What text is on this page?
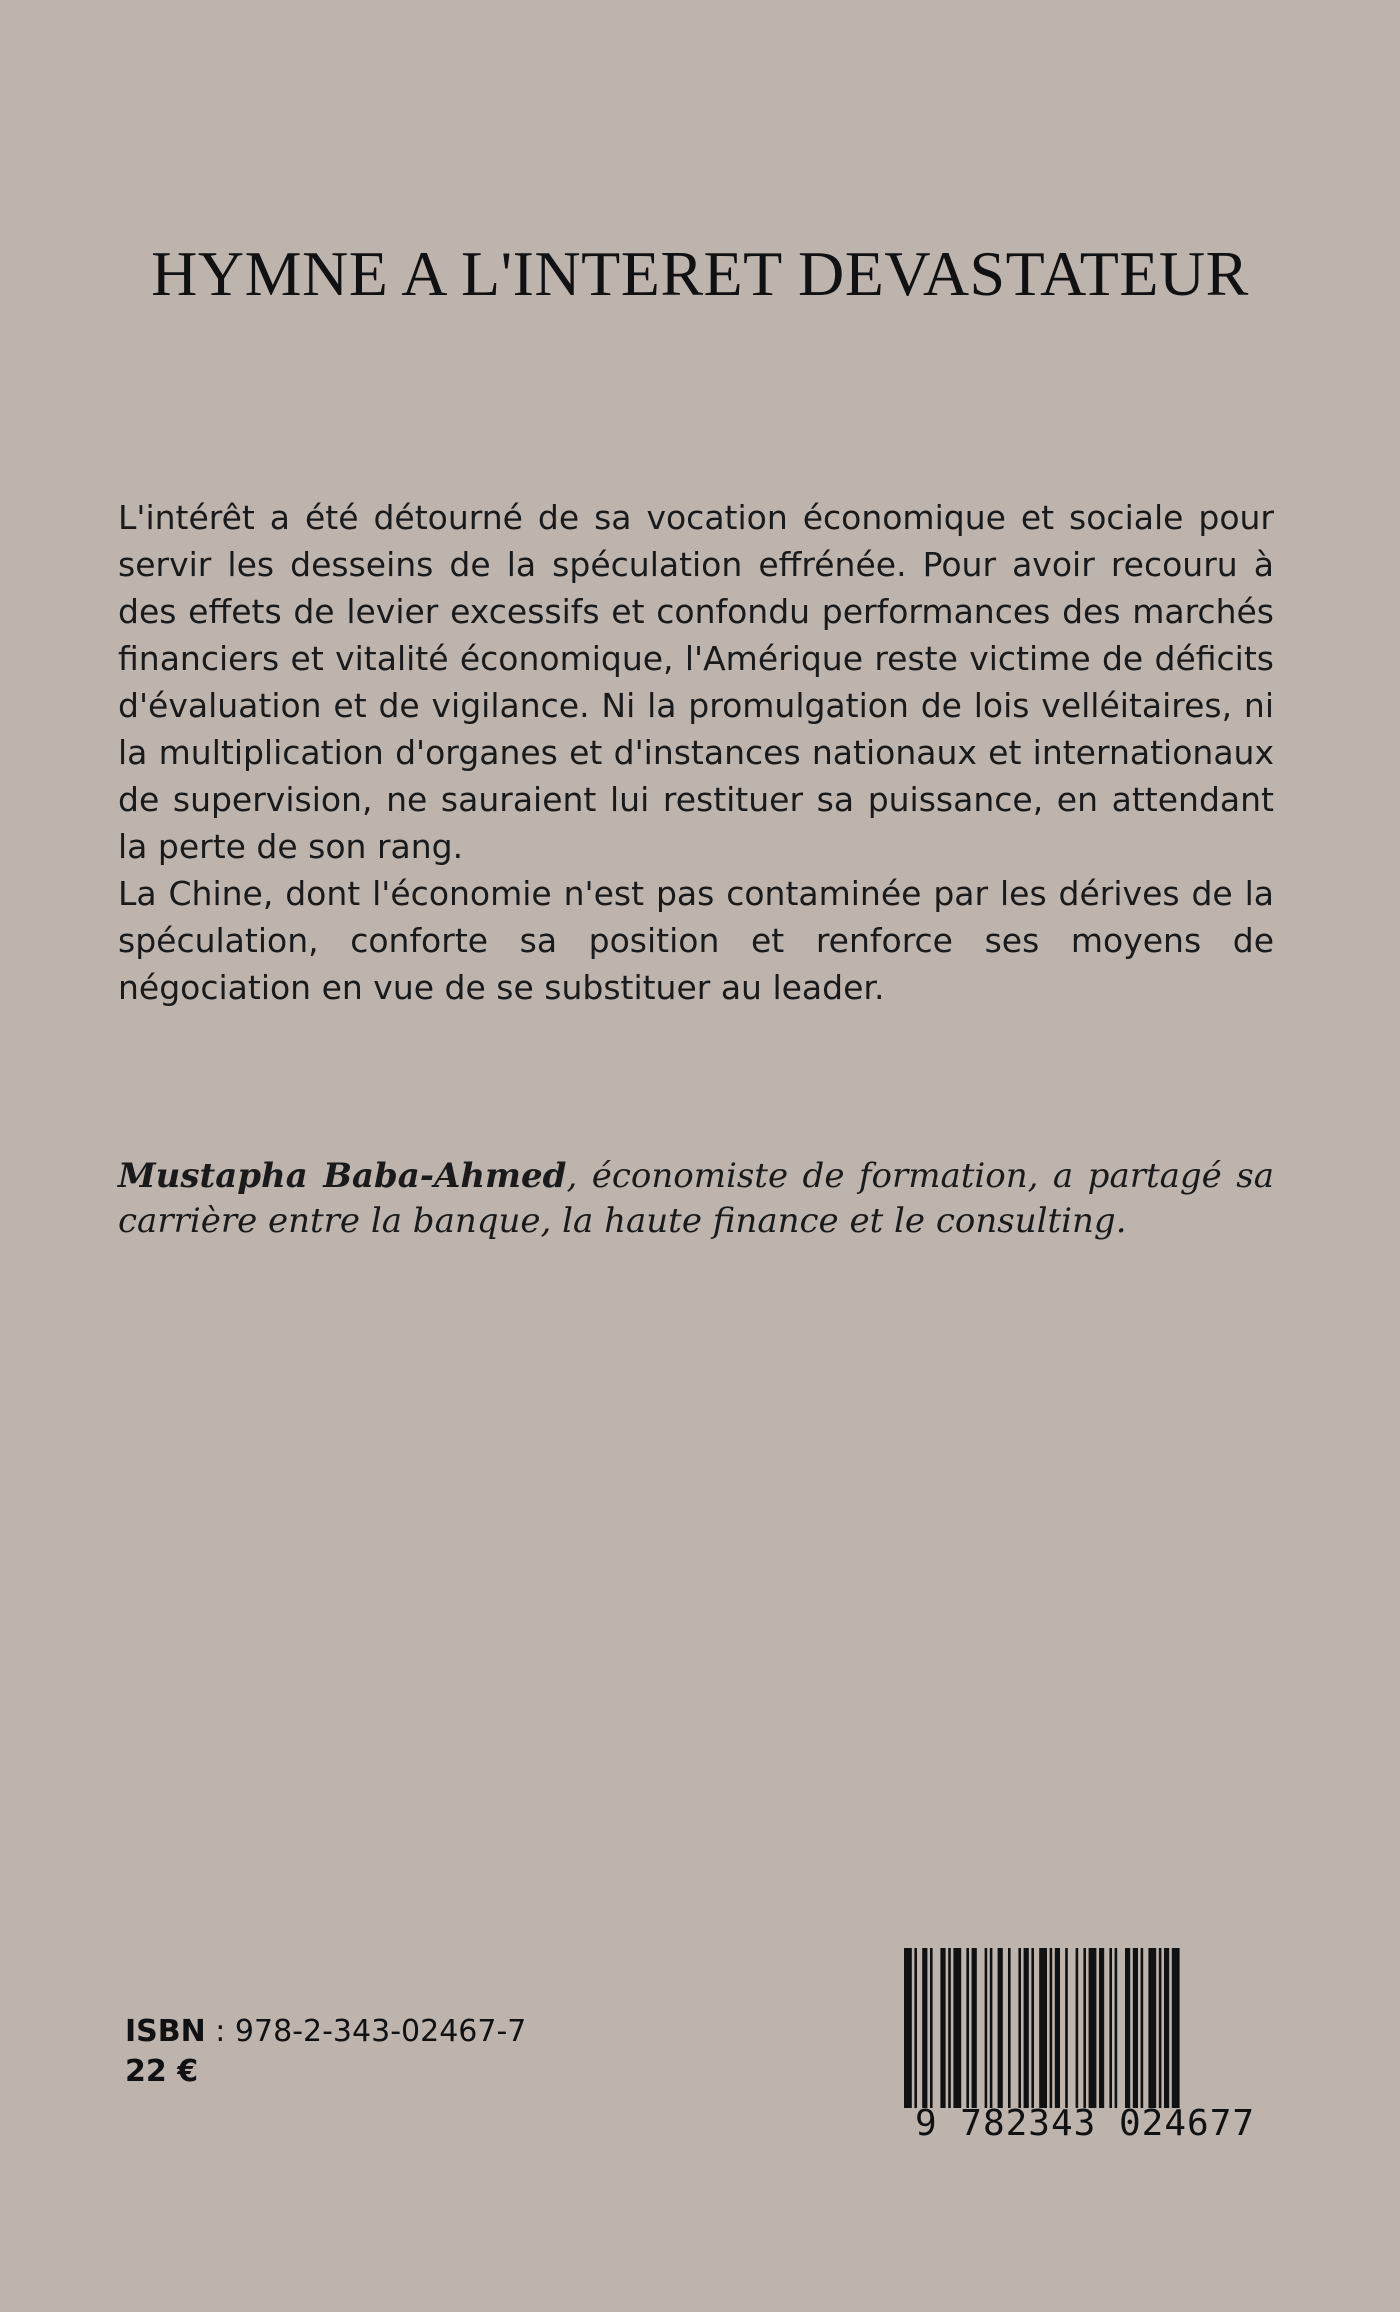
HYMNE A L'INTERET DEVASTATEUR

L'intérêt a été détourné de sa vocation économique et sociale pour servir les desseins de la spéculation effrénée. Pour avoir recouru à des effets de levier excessifs et confondu performances des marchés financiers et vitalité économique, l'Amérique reste victime de déficits d'évaluation et de vigilance. Ni la promulgation de lois velléitaires, ni la multiplication d'organes et d'instances nationaux et internationaux de supervision, ne sauraient lui restituer sa puissance, en attendant la perte de son rang.

La Chine, dont l'économie n'est pas contaminée par les dérives de la spéculation, conforte sa position et renforce ses moyens de négociation en vue de se substituer au leader.

Mustapha Baba-Ahmed, économiste de formation, a partagé sa carrière entre la banque, la haute finance et le consulting.

ISBN : 978-2-343-02467-7
22 €
9 782343 024677
